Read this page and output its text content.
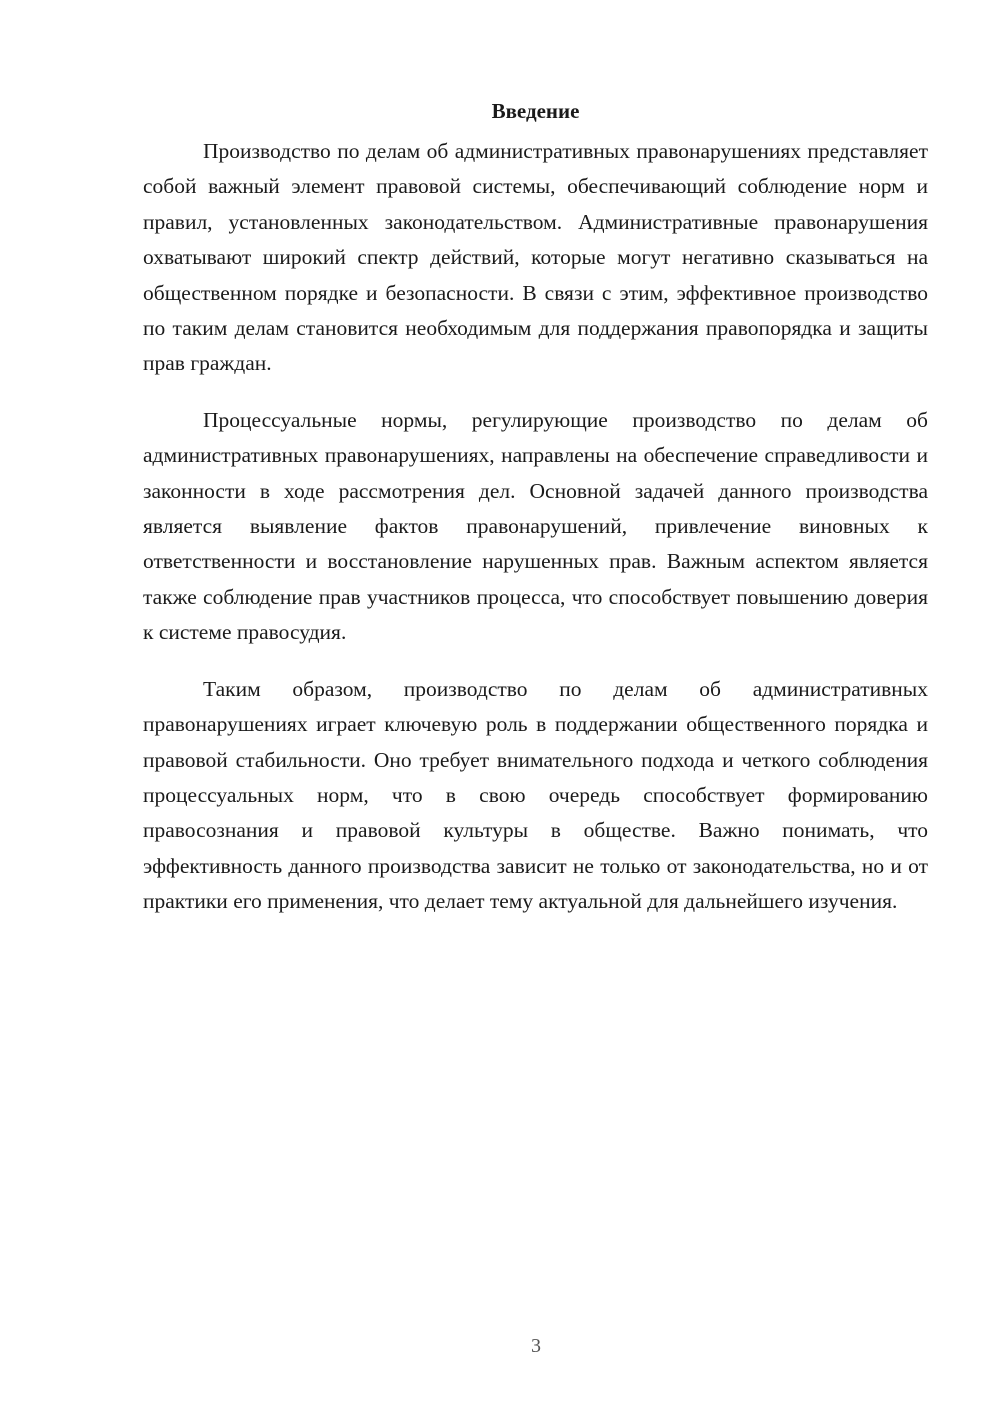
Введение

Производство по делам об административных правонарушениях представляет собой важный элемент правовой системы, обеспечивающий соблюдение норм и правил, установленных законодательством. Административные правонарушения охватывают широкий спектр действий, которые могут негативно сказываться на общественном порядке и безопасности. В связи с этим, эффективное производство по таким делам становится необходимым для поддержания правопорядка и защиты прав граждан.

Процессуальные нормы, регулирующие производство по делам об административных правонарушениях, направлены на обеспечение справедливости и законности в ходе рассмотрения дел. Основной задачей данного производства является выявление фактов правонарушений, привлечение виновных к ответственности и восстановление нарушенных прав. Важным аспектом является также соблюдение прав участников процесса, что способствует повышению доверия к системе правосудия.

Таким образом, производство по делам об административных правонарушениях играет ключевую роль в поддержании общественного порядка и правовой стабильности. Оно требует внимательного подхода и четкого соблюдения процессуальных норм, что в свою очередь способствует формированию правосознания и правовой культуры в обществе. Важно понимать, что эффективность данного производства зависит не только от законодательства, но и от практики его применения, что делает тему актуальной для дальнейшего изучения.

3
